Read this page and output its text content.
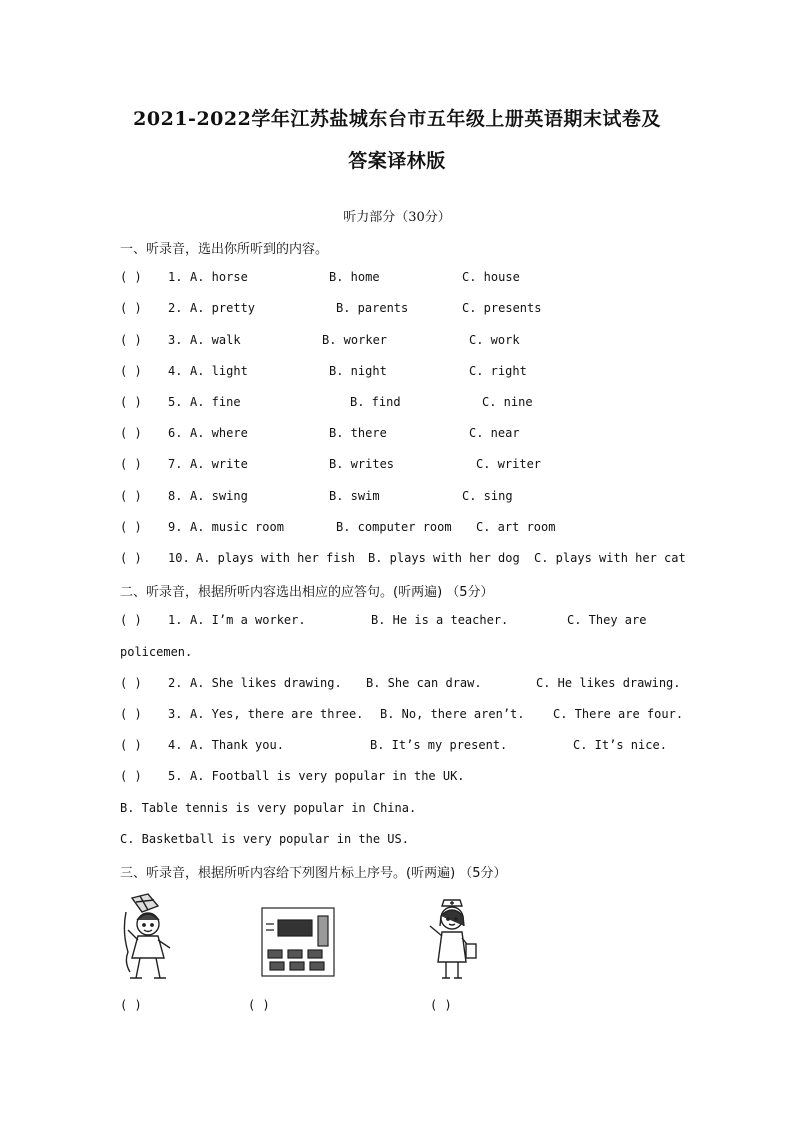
2021-2022学年江苏盐城东台市五年级上册英语期末试卷及
答案译林版
听力部分（30分）
一、听录音，选出你所听到的内容。
( ) 1. A. horse	B. home	C. house
( ) 2. A. pretty	B. parents	C. presents
( ) 3. A. walk	B. worker	C. work
( ) 4. A. light	B. night	C. right
( ) 5. A. fine	B. find	C. nine
( ) 6. A. where	B. there	C. near
( ) 7. A. write	B. writes	C. writer
( ) 8. A. swing	B. swim	C. sing
( ) 9. A. music room	B. computer room C. art room
( ) 10. A. plays with her fish B. plays with her dog C. plays with her cat
二、听录音，根据所听内容选出相应的应答句。(听两遍) （5分）
( ) 1. A. I’m a worker.	B. He is a teacher.	C. They are
policemen.
( ) 2. A. She likes drawing. B. She can draw.	C. He likes drawing.
( ) 3. A. Yes, there are three. B. No, there aren’t. C. There are four.
( ) 4. A. Thank you.	B. It’s my present.	C. It’s nice.
( ) 5. A. Football is very popular in the UK.
B. Table tennis is very popular in China.
C. Basketball is very popular in the US.
三、听录音，根据所听内容给下列图片标上序号。(听两遍) （5分）
( )	( )	( )
